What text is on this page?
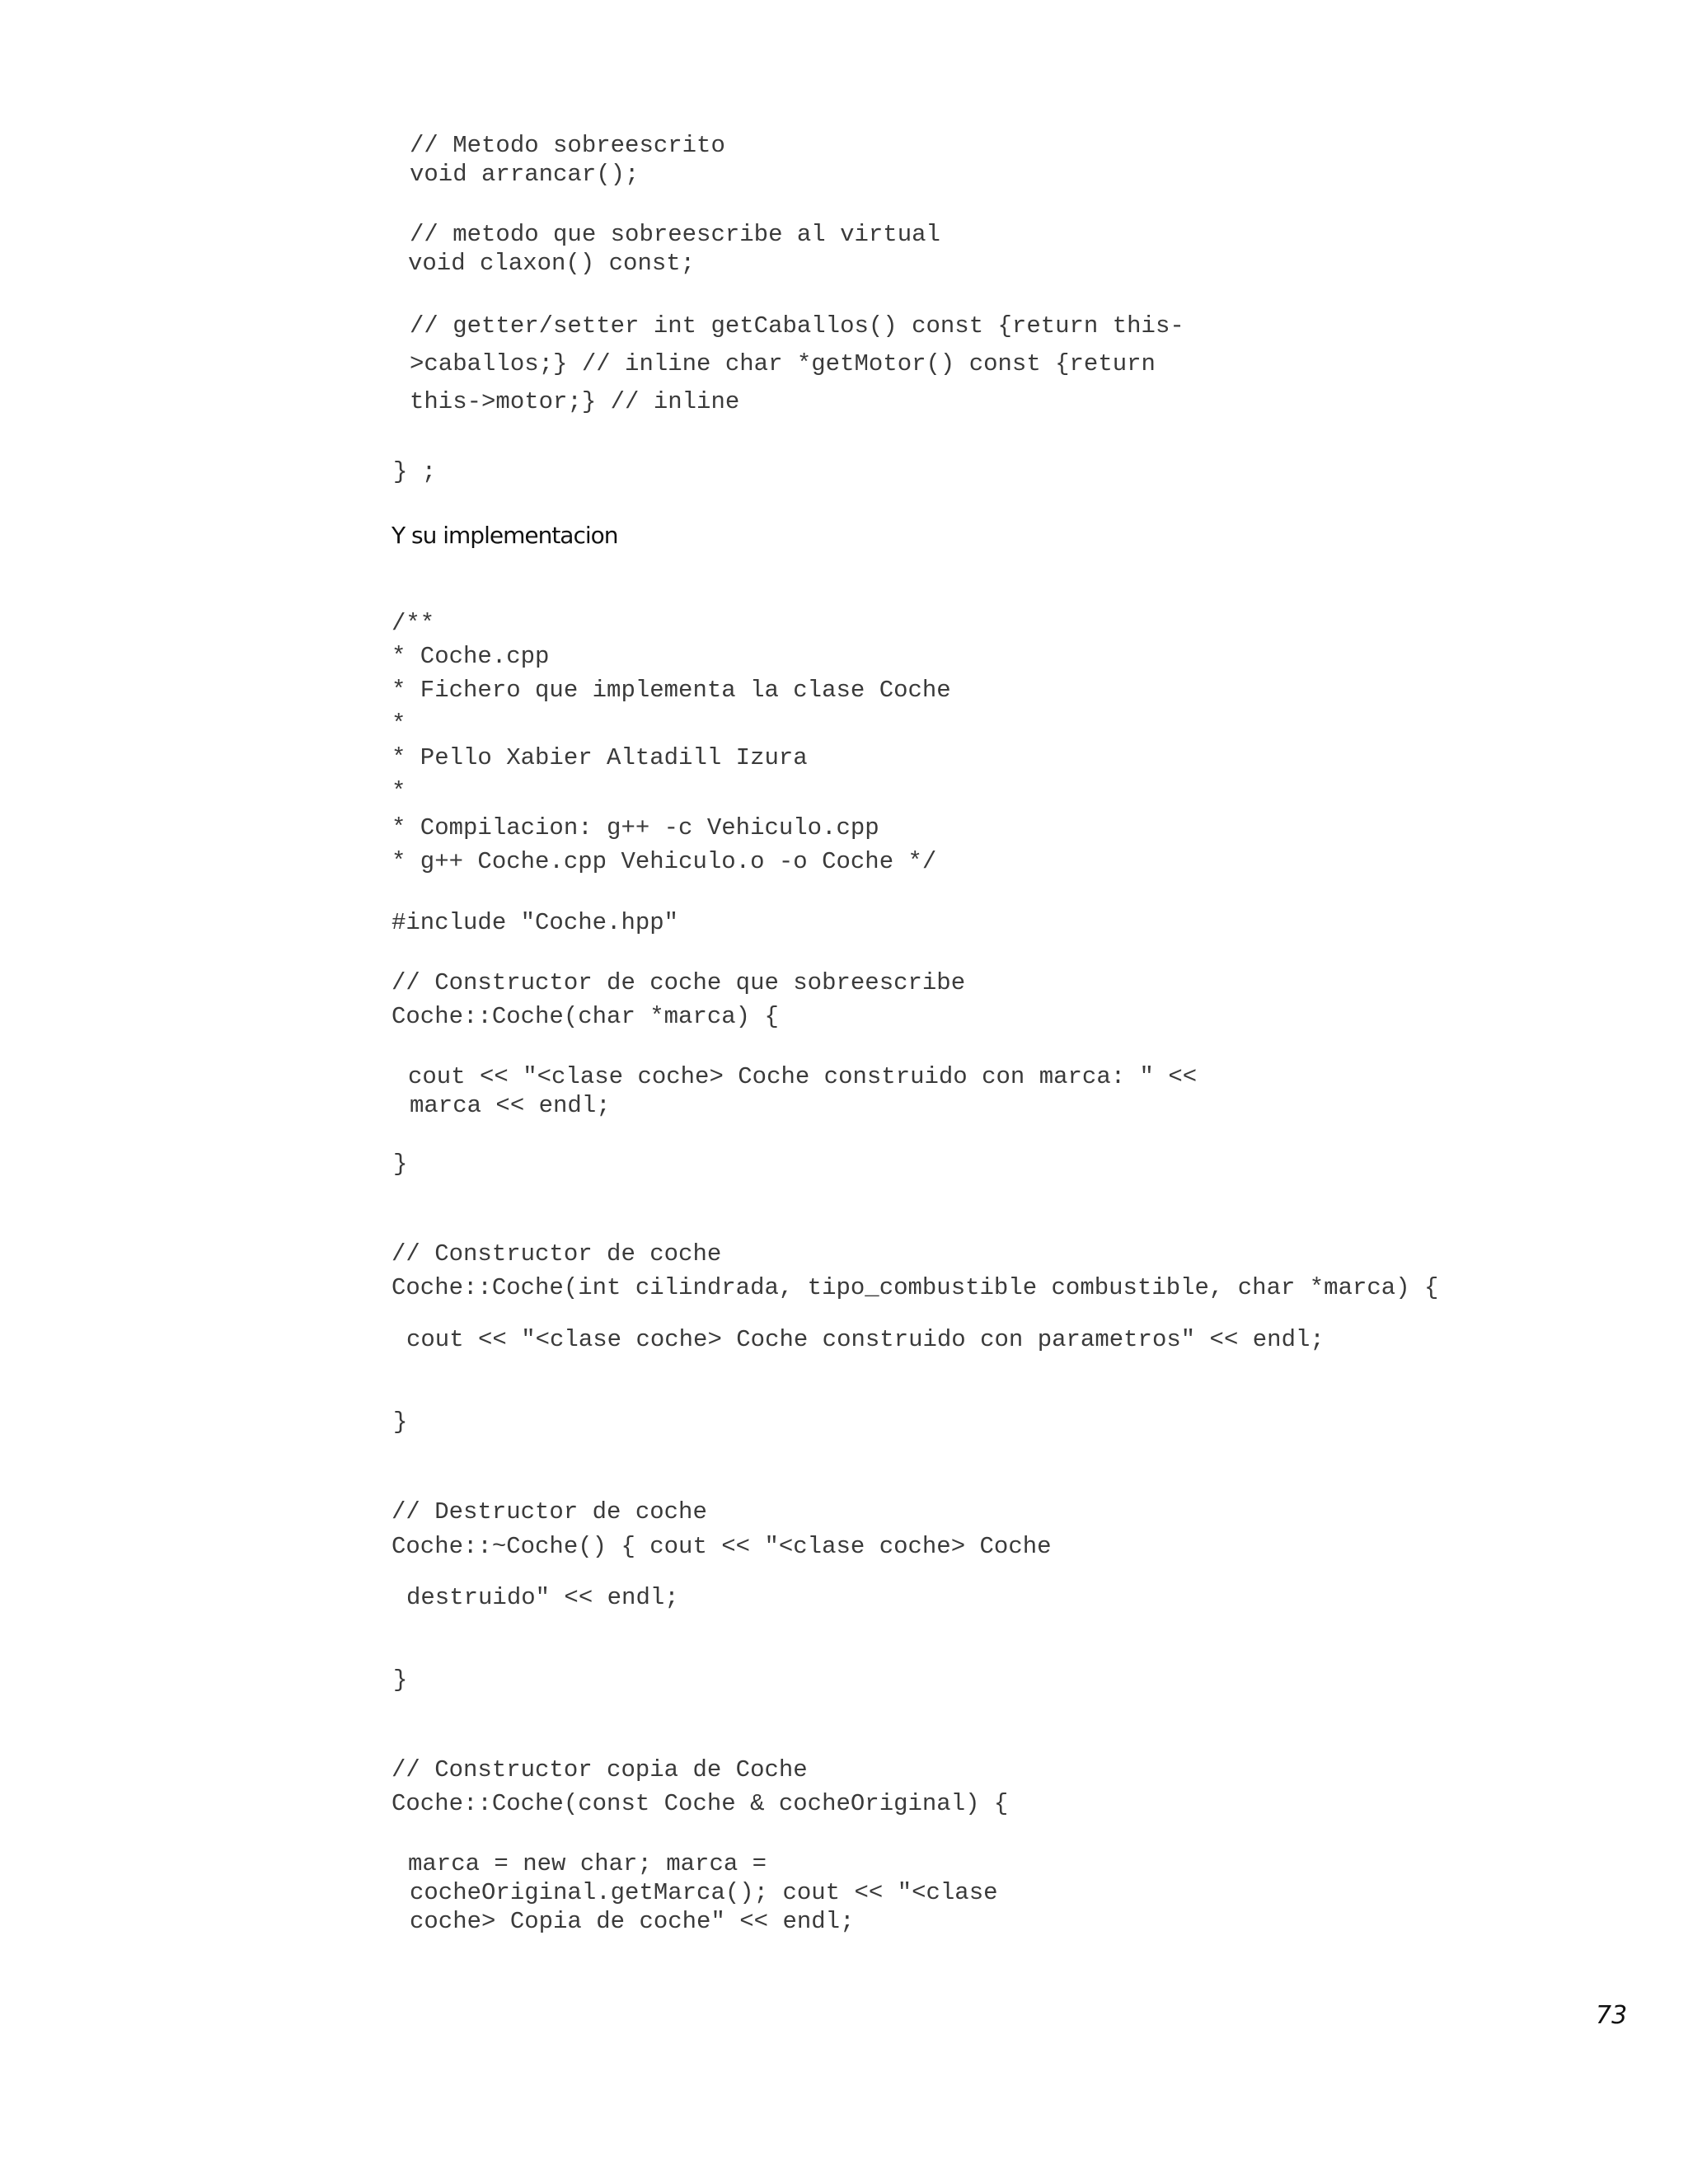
// Metodo sobreescrito
void arrancar();
// metodo que sobreescribe al virtual
void claxon() const;
// getter/setter int getCaballos() const {return this-
>caballos;} // inline char *getMotor() const {return
this->motor;} // inline
} ;
Y su implementacion
/**
* Coche.cpp
* Fichero que implementa la clase Coche
*
* Pello Xabier Altadill Izura
*
* Compilacion: g++ -c Vehiculo.cpp
* g++ Coche.cpp Vehiculo.o -o Coche */
#include "Coche.hpp"
// Constructor de coche que sobreescribe
Coche::Coche(char *marca) {
cout << "<clase coche> Coche construido con marca: " <<
marca << endl;
}
// Constructor de coche
Coche::Coche(int cilindrada, tipo_combustible combustible, char *marca) {
cout << "<clase coche> Coche construido con parametros" << endl;
}
// Destructor de coche
Coche::~Coche() { cout << "<clase coche> Coche
destruido" << endl;
}
// Constructor copia de Coche
Coche::Coche(const Coche & cocheOriginal) {
marca = new char; marca =
cocheOriginal.getMarca(); cout << "<clase
coche> Copia de coche" << endl;
73
